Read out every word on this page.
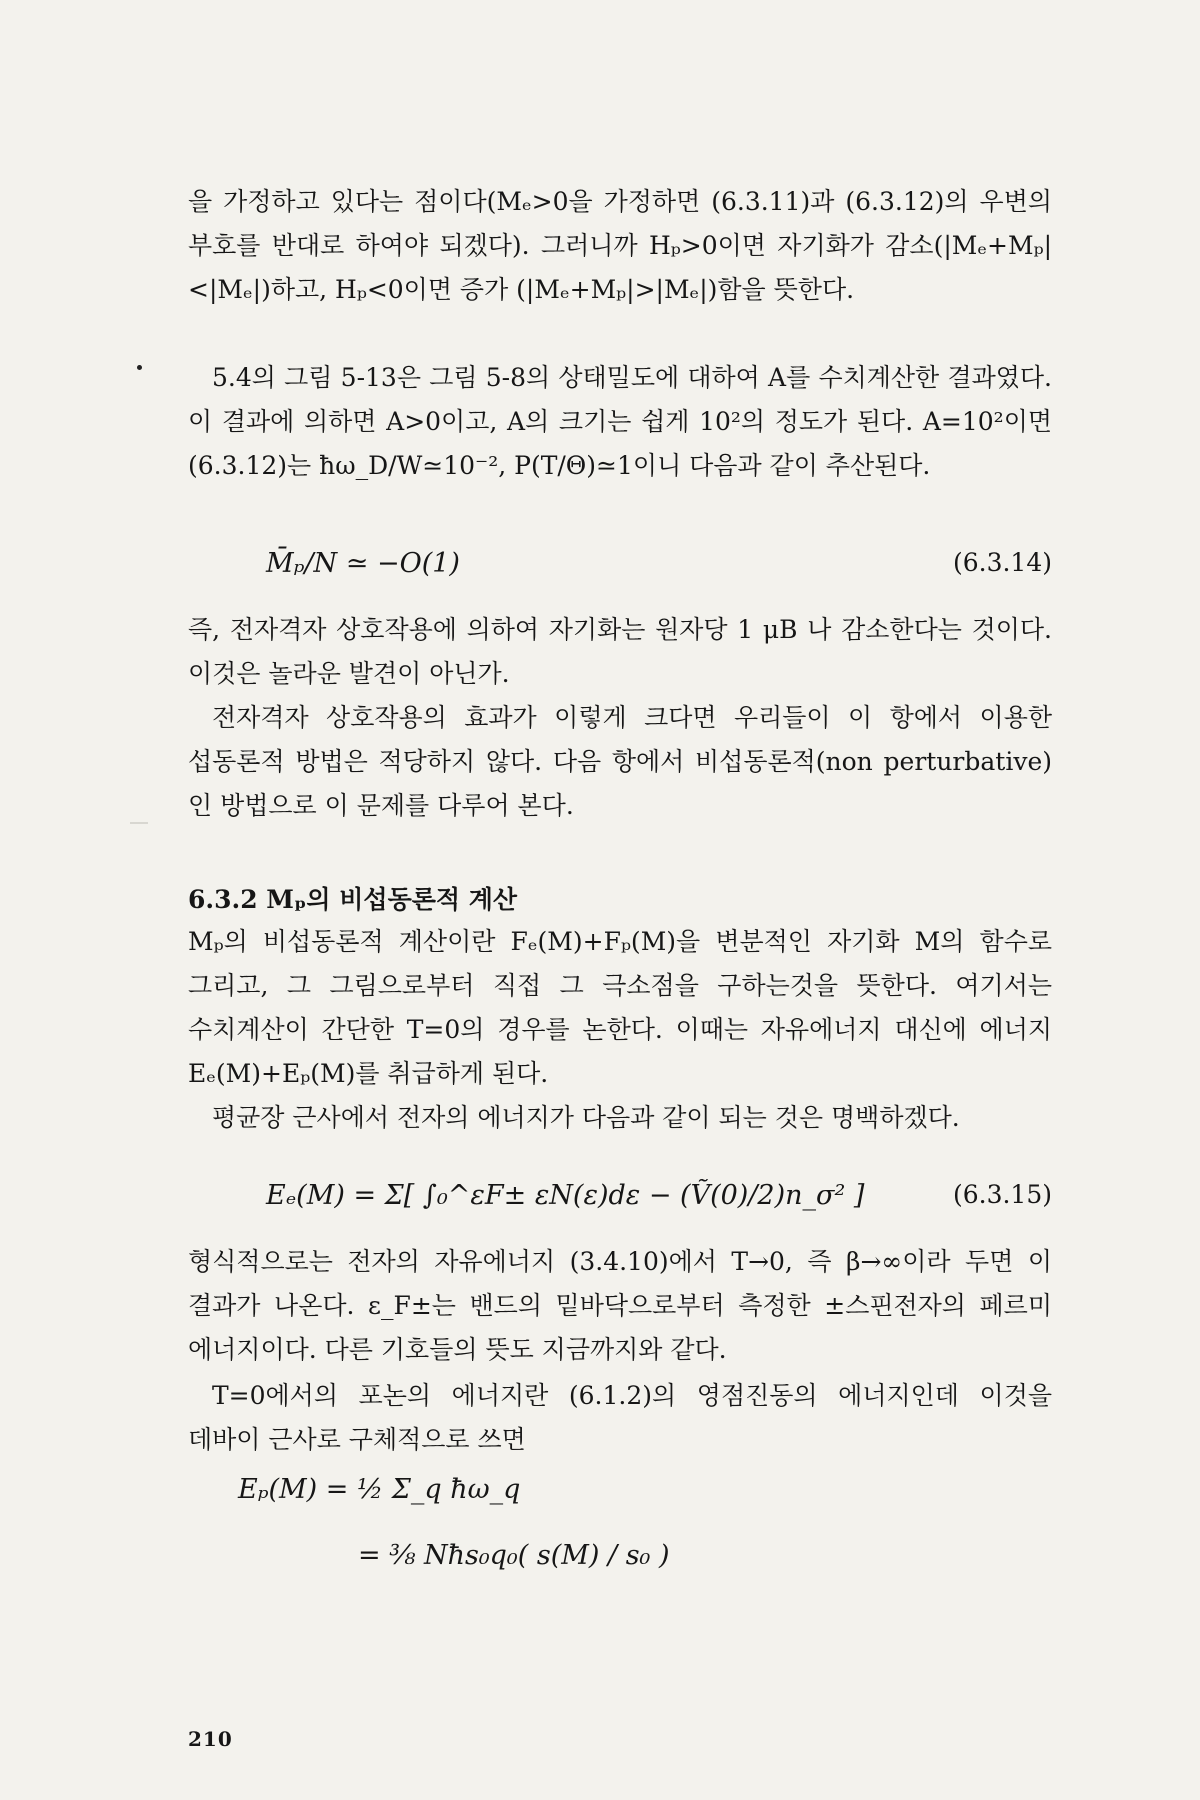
을 가정하고 있다는 점이다(Mₑ>0을 가정하면 (6.3.11)과 (6.3.12)의 우변의 부호를 반대로 하여야 되겠다). 그러니까 Hₚ>0이면 자기화가 감소(|Mₑ+Mₚ|<|Mₑ|)하고, Hₚ<0이면 증가 (|Mₑ+Mₚ|>|Mₑ|)함을 뜻한다.

5.4의 그림 5-13은 그림 5-8의 상태밀도에 대하여 A를 수치계산한 결과였다. 이 결과에 의하면 A>0이고, A의 크기는 쉽게 10²의 정도가 된다. A=10²이면 (6.3.12)는 ħω_D/W≃10⁻², P(T/Θ)≃1이니 다음과 같이 추산된다.

M̄ₚ/N ≃ −O(1)	(6.3.14)

즉, 전자격자 상호작용에 의하여 자기화는 원자당 1 μB 나 감소한다는 것이다. 이것은 놀라운 발견이 아닌가.

전자격자 상호작용의 효과가 이렇게 크다면 우리들이 이 항에서 이용한 섭동론적 방법은 적당하지 않다. 다음 항에서 비섭동론적(non perturbative)인 방법으로 이 문제를 다루어 본다.

6.3.2 Mₚ의 비섭동론적 계산

Mₚ의 비섭동론적 계산이란 Fₑ(M)+Fₚ(M)을 변분적인 자기화 M의 함수로 그리고, 그 그림으로부터 직접 그 극소점을 구하는것을 뜻한다. 여기서는 수치계산이 간단한 T=0의 경우를 논한다. 이때는 자유에너지 대신에 에너지 Eₑ(M)+Eₚ(M)를 취급하게 된다.

평균장 근사에서 전자의 에너지가 다음과 같이 되는 것은 명백하겠다.

Eₑ(M) = Σ[ ∫₀^εF± εN(ε)dε − (Ṽ(0)/2)n_σ² ]	(6.3.15)

형식적으로는 전자의 자유에너지 (3.4.10)에서 T→0, 즉 β→∞이라 두면 이 결과가 나온다. ε_F±는 밴드의 밑바닥으로부터 측정한 ±스핀전자의 페르미 에너지이다. 다른 기호들의 뜻도 지금까지와 같다.

T=0에서의 포논의 에너지란 (6.1.2)의 영점진동의 에너지인데 이것을 데바이 근사로 구체적으로 쓰면

Eₚ(M) = ½ Σ_q ħω_q
= ⅜ Nħs₀q₀( s(M) / s₀ )
210
